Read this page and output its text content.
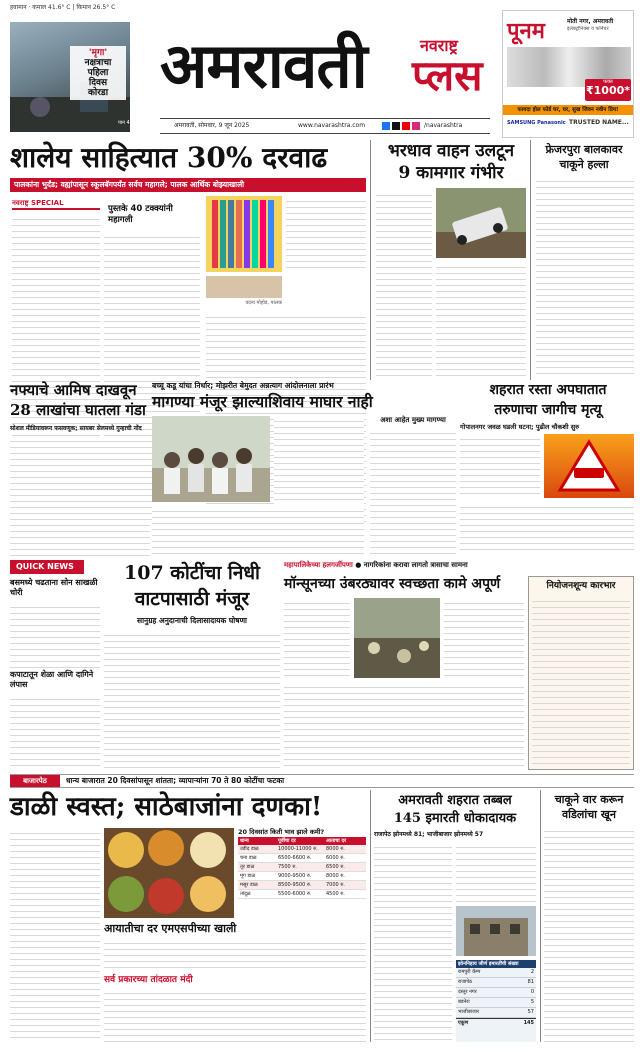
हवामान · कमाल 41.6° C | किमान 26.5° C
'मृगा'
नक्षत्राचा
पहिला
दिवस
कोरडा
पान 4
अमरावती	नवराष्ट्र
प्लस
अमरावती, सोमवार, 9 जून 2025	www.navarashtra.com	/navarashtra
पूनम	मोती नगर, अमरावती
इलेक्ट्रॉनिक्स व फर्निचर
फक्त
₹1000*
फायदा होल फोर्ड घर, घर, सुख जिवन नवीन प्रिय!
SAMSUNG Panasonic TRUSTED NAME...
शालेय साहित्यात 30% दरवाढ
पालकांना भुर्दंड; वह्यांपासून स्कूलबॅगपर्यंत सर्वच महागले; पालक आर्थिक बोझ्याखाली
नवराष्ट्र SPECIAL
पुस्तके 40 टक्क्यांनी महागली
वदना मोहोड, पालक
भरधाव वाहन उलटून
9 कामगार गंभीर
फ्रेजरपुरा बालकावर
चाकूने हल्ला
बच्चू कडू यांचा निर्धार; मोझरीत बेमुदत अन्नत्याग आंदोलनाला प्रारंभ
मागण्या मंजूर झाल्याशिवाय माघार नाही
अशा आहेत मुख्य मागण्या
नफ्याचे आमिष दाखवून
28 लाखांचा घातला गंडा
सोशल मीडियावरून फसवणूक; सायबर सेलमध्ये गुन्हाची नोंद
शहरात रस्ता अपघातात
तरुणाचा जागीच मृत्यू
गोपालनगर जवळ घडली घटना; पुढील चौकशी सुरु
महापालिकेच्या हलगर्जीपणा ● नागरिकांना करावा लागतो त्रासाचा सामना
QUICK NEWS
बसमध्ये चढताना सोन साखळी चोरी
कपाटातून शेळा आणि दागिने लंपास
107 कोटींचा निधी
वाटपासाठी मंजूर
सानुग्रह अनुदानाची दिलासादायक घोषणा
मॉन्सूनच्या उंबरठ्यावर स्वच्छता कामे अपूर्ण	नियोजनशून्य कारभार
बाजारपेठ	धान्य बाजारात 20 दिवसांपासून शांतता; व्यापाऱ्यांना 70 ते 80 कोटींचा फटका
डाळी स्वस्त; साठेबाजांना दणका!
20 दिवसांत किती भाव झाले कमी?
धान्य	पूर्वीचा दर	आताचा दर
उडीद डाळ	10000-11000 रु.	8000 रु.
चना डाळ	6500-6600 रु.	6000 रु.
तूर डाळ	7500 रु.	6500 रु.
मूग डाळ	9000-9500 रु.	8000 रु.
मसूर डाळ	8500-9500 रु.	7000 रु.
तांदूळ	5500-6000 रु.	4500 रु.
आयातीचा दर एमएसपीच्या खाली
सर्व प्रकारच्या तांदळात मंदी
अमरावती शहरात तब्बल
145 इमारती धोकादायक
राजापेठ झोनमध्ये 81; भाजीबाजार झोनमध्ये 57
झोननिहाय जीर्ण इमारतींची संख्या
रामपुरी कॅम्प	2
राजापेठ	81
दस्तूर नगर	0
बडनेरा	5
भाजीबाजार	57
एकूण	145
चाकूने वार करून
वडिलांचा खून
